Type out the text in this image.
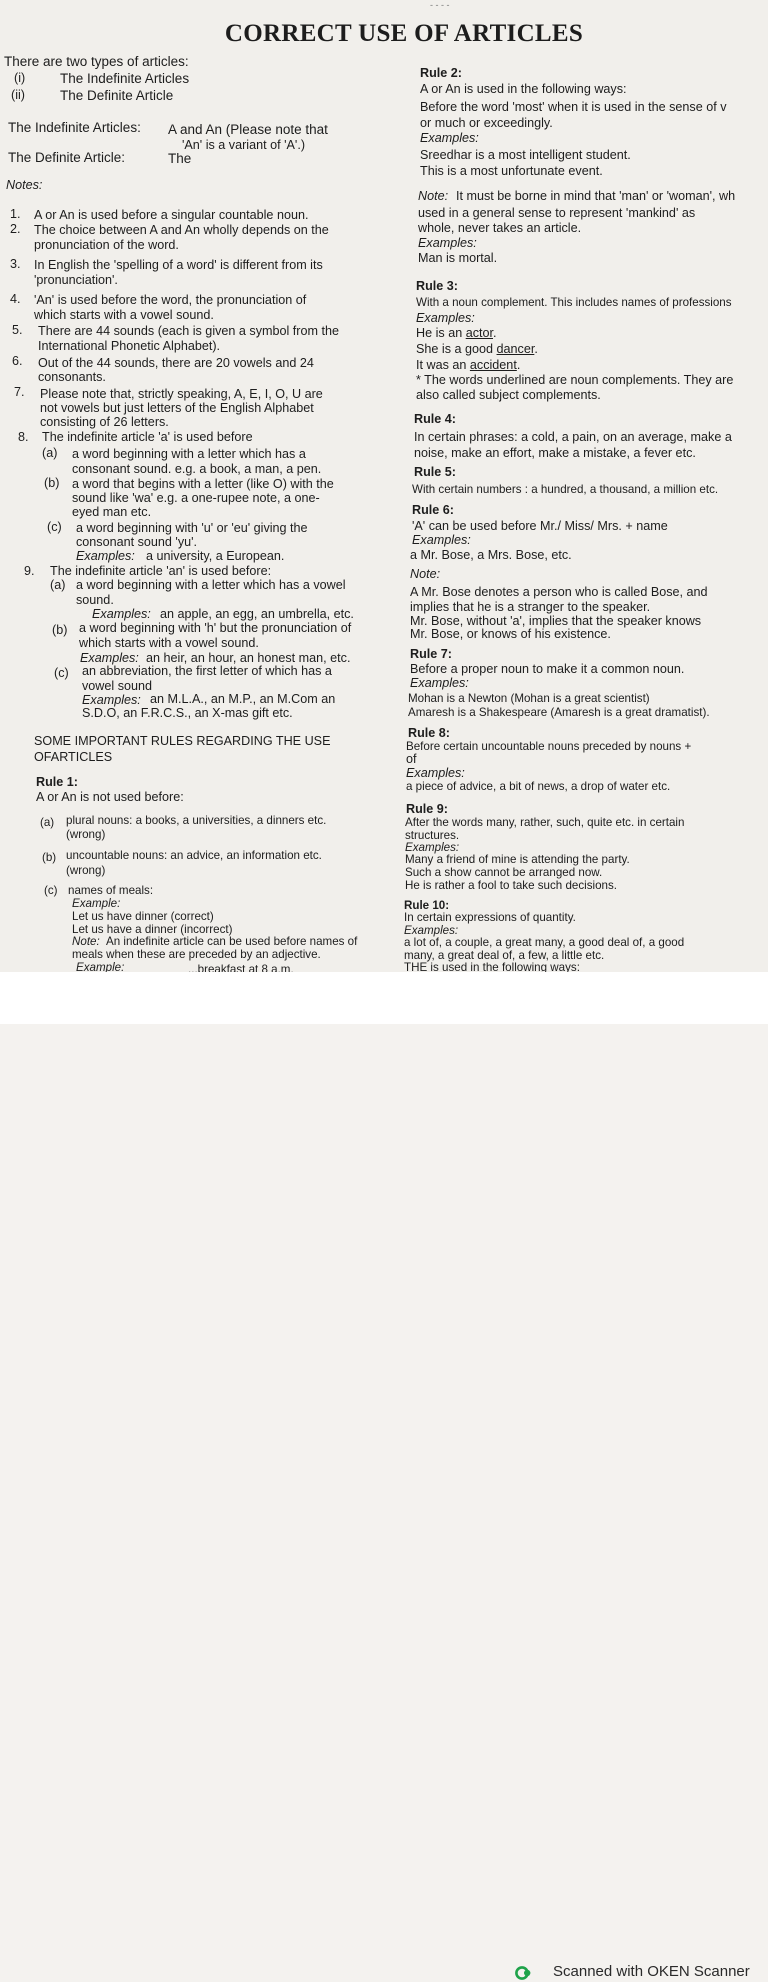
- - - -
CORRECT USE OF ARTICLES
There are two types of articles:
(i)	The Indefinite Articles
(ii)	The Definite Article
The Indefinite Articles: A and An (Please note that
'An' is a variant of 'A'.)
The Definite Article:	The
Notes:
1. A or An is used before a singular countable noun.
2. The choice between A and An wholly depends on the
pronunciation of the word.
3. In English the 'spelling of a word' is different from its
'pronunciation'.
4. 'An' is used before the word, the pronunciation of
which starts with a vowel sound.
5. There are 44 sounds (each is given a symbol from the
International Phonetic Alphabet).
6. Out of the 44 sounds, there are 20 vowels and 24
consonants.
7. Please note that, strictly speaking, A, E, I, O, U are
not vowels but just letters of the English Alphabet
consisting of 26 letters.
8. The indefinite article 'a' is used before
(a) a word beginning with a letter which has a
consonant sound. e.g. a book, a man, a pen.
(b) a word that begins with a letter (like O) with the
sound like 'wa' e.g. a one-rupee note, a one-
eyed man etc.
(c) a word beginning with 'u' or 'eu' giving the
consonant sound 'yu'.
Examples: a university, a European.
9. The indefinite article 'an' is used before:
(a) a word beginning with a letter which has a vowel
sound.
Examples: an apple, an egg, an umbrella, etc.
(b) a word beginning with 'h' but the pronunciation of
which starts with a vowel sound.
Examples: an heir, an hour, an honest man, etc.
(c) an abbreviation, the first letter of which has a
vowel sound
Examples: an M.L.A., an M.P., an M.Com an
S.D.O, an F.R.C.S., an X-mas gift etc.
SOME IMPORTANT RULES REGARDING THE USE
OFARTICLES
Rule 1:
A or An is not used before:
(a) plural nouns: a books, a universities, a dinners etc.
(wrong)
(b) uncountable nouns: an advice, an information etc.
(wrong)
(c) names of meals:
Example:
Let us have dinner (correct)
Let us have a dinner (incorrect)
Note: An indefinite article can be used before names of
meals when these are preceded by an adjective.
Example:	...breakfast at 8 a.m.
Rule 2:
A or An is used in the following ways:
Before the word 'most' when it is used in the sense of v
or much or exceedingly.
Examples:
Sreedhar is a most intelligent student.
This is a most unfortunate event.
Note: It must be borne in mind that 'man' or 'woman', wh
used in a general sense to represent 'mankind' as
whole, never takes an article.
Examples:
Man is mortal.
Rule 3:
With a noun complement. This includes names of professions
Examples:
He is an actor.
She is a good dancer.
It was an accident.
* The words underlined are noun complements. They are
also called subject complements.
Rule 4:
In certain phrases: a cold, a pain, on an average, make a
noise, make an effort, make a mistake, a fever etc.
Rule 5:
With certain numbers : a hundred, a thousand, a million etc.
Rule 6:
'A' can be used before Mr./ Miss/ Mrs. + name
Examples:
a Mr. Bose, a Mrs. Bose, etc.
Note:
A Mr. Bose denotes a person who is called Bose, and
implies that he is a stranger to the speaker.
Mr. Bose, without 'a', implies that the speaker knows
Mr. Bose, or knows of his existence.
Rule 7:
Before a proper noun to make it a common noun.
Examples:
Mohan is a Newton (Mohan is a great scientist)
Amaresh is a Shakespeare (Amaresh is a great dramatist).
Rule 8:
Before certain uncountable nouns preceded by nouns +
of
Examples:
a piece of advice, a bit of news, a drop of water etc.
Rule 9:
After the words many, rather, such, quite etc. in certain
structures.
Examples:
Many a friend of mine is attending the party.
Such a show cannot be arranged now.
He is rather a fool to take such decisions.
Rule 10:
In certain expressions of quantity.
Examples:
a lot of, a couple, a great many, a good deal of, a good
many, a great deal of, a few, a little etc.
THE is used in the following ways:
Scanned with OKEN Scanner
